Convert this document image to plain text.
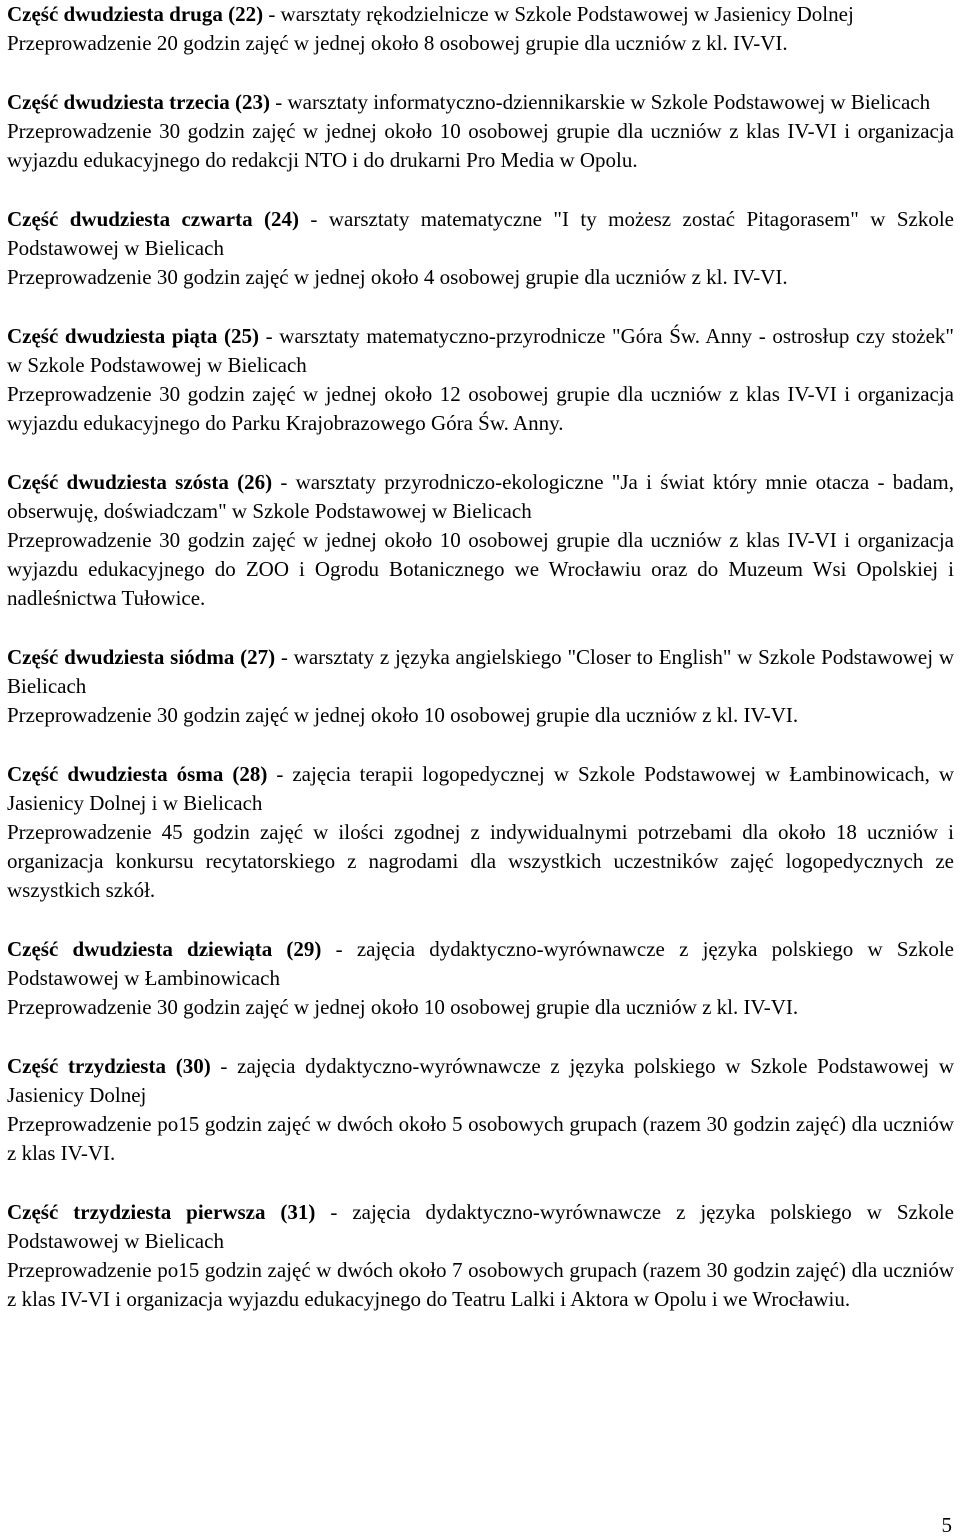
Część dwudziesta druga (22) - warsztaty rękodzielnicze w Szkole Podstawowej w Jasienicy Dolnej

Przeprowadzenie 20 godzin zajęć w jednej około 8 osobowej grupie dla uczniów z kl. IV-VI.

Część dwudziesta trzecia (23) - warsztaty informatyczno-dziennikarskie w Szkole Podstawowej w Bielicach

Przeprowadzenie 30 godzin zajęć w jednej około 10 osobowej grupie dla uczniów z klas IV-VI i organizacja wyjazdu edukacyjnego do redakcji NTO i do drukarni Pro Media w Opolu.

Część dwudziesta czwarta (24) - warsztaty matematyczne "I ty możesz zostać Pitagorasem" w Szkole Podstawowej w Bielicach

Przeprowadzenie 30 godzin zajęć w jednej około 4 osobowej grupie dla uczniów z kl. IV-VI.

Część dwudziesta piąta (25) - warsztaty matematyczno-przyrodnicze "Góra Św. Anny - ostrosłup czy stożek" w Szkole Podstawowej w Bielicach

Przeprowadzenie 30 godzin zajęć w jednej około 12 osobowej grupie dla uczniów z klas IV-VI i organizacja wyjazdu edukacyjnego do Parku Krajobrazowego Góra Św. Anny.

Część dwudziesta szósta (26) - warsztaty przyrodniczo-ekologiczne "Ja i świat który mnie otacza - badam, obserwuję, doświadczam" w Szkole Podstawowej w Bielicach

Przeprowadzenie 30 godzin zajęć w jednej około 10 osobowej grupie dla uczniów z klas IV-VI i organizacja wyjazdu edukacyjnego do ZOO i Ogrodu Botanicznego we Wrocławiu oraz do Muzeum Wsi Opolskiej i nadleśnictwa Tułowice.

Część dwudziesta siódma (27) - warsztaty z języka angielskiego "Closer to English" w Szkole Podstawowej w Bielicach

Przeprowadzenie 30 godzin zajęć w jednej około 10 osobowej grupie dla uczniów z kl. IV-VI.

Część dwudziesta ósma (28) - zajęcia terapii logopedycznej w Szkole Podstawowej w Łambinowicach, w Jasienicy Dolnej i w Bielicach

Przeprowadzenie 45 godzin zajęć w ilości zgodnej z indywidualnymi potrzebami dla około 18 uczniów i organizacja konkursu recytatorskiego z nagrodami dla wszystkich uczestników zajęć logopedycznych ze wszystkich szkół.

Część dwudziesta dziewiąta (29) - zajęcia dydaktyczno-wyrównawcze z języka polskiego w Szkole Podstawowej w Łambinowicach

Przeprowadzenie 30 godzin zajęć w jednej około 10 osobowej grupie dla uczniów z kl. IV-VI.

Część trzydziesta (30) - zajęcia dydaktyczno-wyrównawcze z języka polskiego w Szkole Podstawowej w Jasienicy Dolnej

Przeprowadzenie po15 godzin zajęć w dwóch około 5 osobowych grupach (razem 30 godzin zajęć) dla uczniów z klas IV-VI.

Część trzydziesta pierwsza (31) - zajęcia dydaktyczno-wyrównawcze z języka polskiego w Szkole Podstawowej w Bielicach

Przeprowadzenie po15 godzin zajęć w dwóch około 7 osobowych grupach (razem 30 godzin zajęć) dla uczniów z klas IV-VI i organizacja wyjazdu edukacyjnego do Teatru Lalki i Aktora w Opolu i we Wrocławiu.

5
